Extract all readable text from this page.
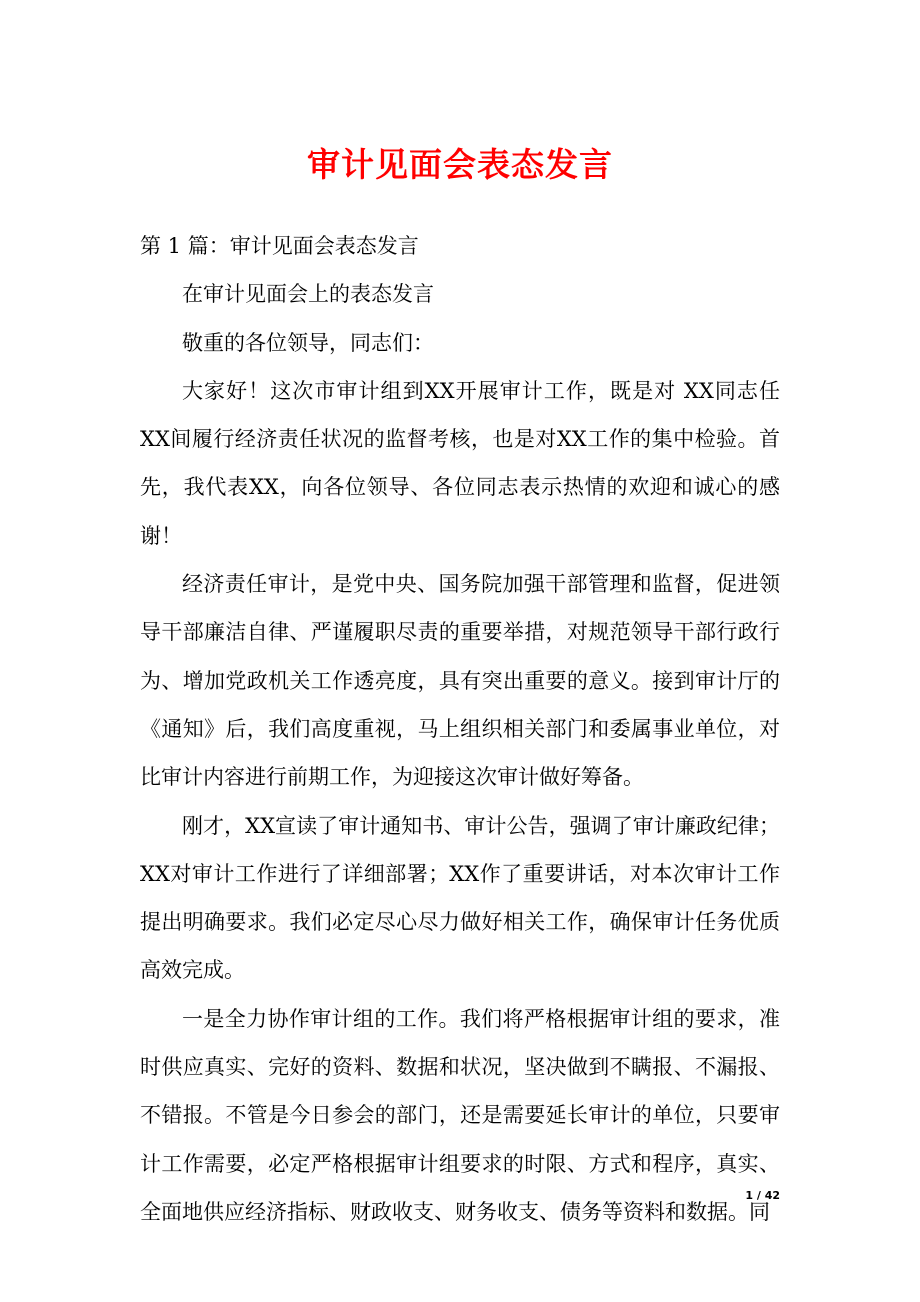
审计见面会表态发言

第 1 篇：审计见面会表态发言

在审计见面会上的表态发言

敬重的各位领导，同志们：

大家好！这次市审计组到XX开展审计工作，既是对 XX同志任XX间履行经济责任状况的监督考核，也是对XX工作的集中检验。首先，我代表XX，向各位领导、各位同志表示热情的欢迎和诚心的感谢！

经济责任审计，是党中央、国务院加强干部管理和监督，促进领导干部廉洁自律、严谨履职尽责的重要举措，对规范领导干部行政行为、增加党政机关工作透亮度，具有突出重要的意义。接到审计厅的《通知》后，我们高度重视，马上组织相关部门和委属事业单位，对比审计内容进行前期工作，为迎接这次审计做好筹备。

刚才，XX宣读了审计通知书、审计公告，强调了审计廉政纪律；XX对审计工作进行了详细部署；XX作了重要讲话，对本次审计工作提出明确要求。我们必定尽心尽力做好相关工作，确保审计任务优质高效完成。

一是全力协作审计组的工作。我们将严格根据审计组的要求，准时供应真实、完好的资料、数据和状况，坚决做到不瞒报、不漏报、不错报。不管是今日参会的部门，还是需要延长审计的单位，只要审计工作需要，必定严格根据审计组要求的时限、方式和程序，真实、全面地供应经济指标、财政收支、财务收支、债务等资料和数据。同

1 / 42
